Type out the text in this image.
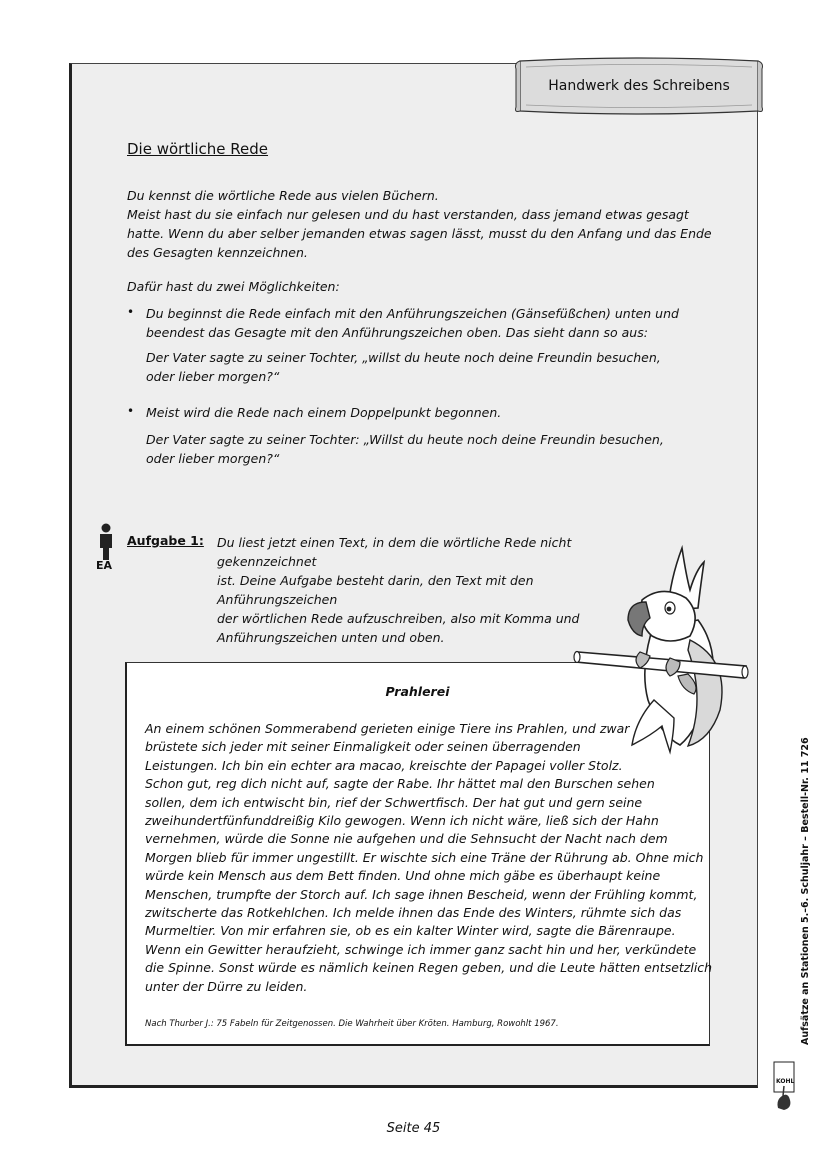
Handwerk des Schreibens
Die wörtliche Rede
Du kennst die wörtliche Rede aus vielen Büchern.
Meist hast du sie einfach nur gelesen und du hast verstanden, dass jemand etwas gesagt
hatte. Wenn du aber selber jemanden etwas sagen lässt, musst du den Anfang und das Ende
des Gesagten kennzeichnen.
Dafür hast du zwei Möglichkeiten:
• Du beginnst die Rede einfach mit den Anführungszeichen (Gänsefüßchen) unten und
beendest das Gesagte mit den Anführungszeichen oben. Das sieht dann so aus:
Der Vater sagte zu seiner Tochter, „willst du heute noch deine Freundin besuchen,
oder lieber morgen?“
• Meist wird die Rede nach einem Doppelpunkt begonnen.
Der Vater sagte zu seiner Tochter: „Willst du heute noch deine Freundin besuchen,
oder lieber morgen?“
EA
Aufgabe 1: Du liest jetzt einen Text, in dem die wörtliche Rede nicht gekennzeichnet
ist. Deine Aufgabe besteht darin, den Text mit den Anführungszeichen
der wörtlichen Rede aufzuschreiben, also mit Komma und
Anführungszeichen unten und oben.
Prahlerei
An einem schönen Sommerabend gerieten einige Tiere ins Prahlen, und zwar
brüstete sich jeder mit seiner Einmaligkeit oder seinen überragenden
Leistungen. Ich bin ein echter ara macao, kreischte der Papagei voller Stolz.
Schon gut, reg dich nicht auf, sagte der Rabe. Ihr hättet mal den Burschen sehen
sollen, dem ich entwischt bin, rief der Schwertfisch. Der hat gut und gern seine
zweihundertfünfunddreißig Kilo gewogen. Wenn ich nicht wäre, ließ sich der Hahn
vernehmen, würde die Sonne nie aufgehen und die Sehnsucht der Nacht nach dem
Morgen blieb für immer ungestillt. Er wischte sich eine Träne der Rührung ab. Ohne mich
würde kein Mensch aus dem Bett finden. Und ohne mich gäbe es überhaupt keine
Menschen, trumpfte der Storch auf. Ich sage ihnen Bescheid, wenn der Frühling kommt,
zwitscherte das Rotkehlchen. Ich melde ihnen das Ende des Winters, rühmte sich das
Murmeltier. Von mir erfahren sie, ob es ein kalter Winter wird, sagte die Bärenraupe.
Wenn ein Gewitter heraufzieht, schwinge ich immer ganz sacht hin und her, verkündete
die Spinne. Sonst würde es nämlich keinen Regen geben, und die Leute hätten entsetzlich
unter der Dürre zu leiden.
Nach Thurber J.: 75 Fabeln für Zeitgenossen. Die Wahrheit über Kröten. Hamburg, Rowohlt 1967.	Aufsätze an Stationen 5.–6. Schuljahr – Bestell-Nr. 11 726
KOHL
Seite 45
